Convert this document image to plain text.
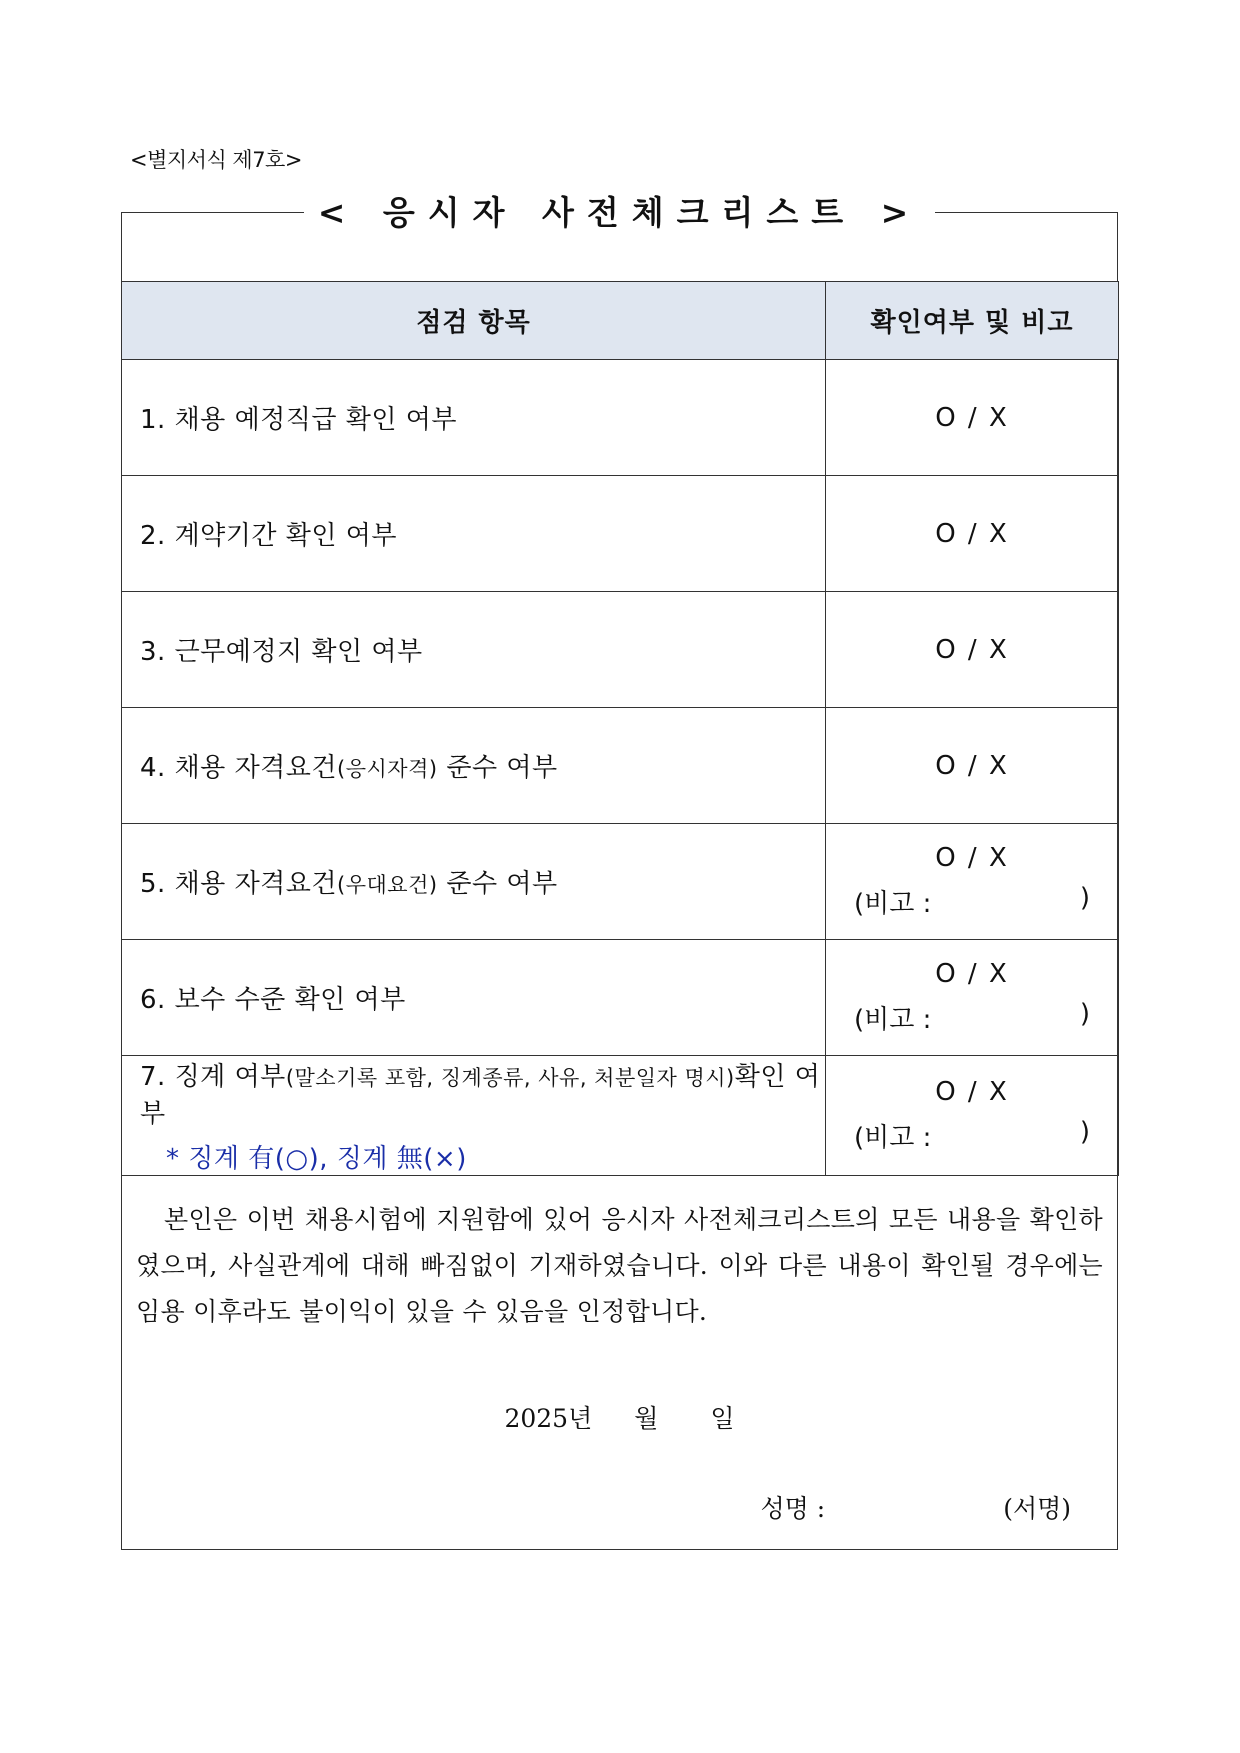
<별지서식 제7호>
< 응시자 사전체크리스트 >
점검 항목	확인여부 및 비고
1. 채용 예정직급 확인 여부	O / X

2. 계약기간 확인 여부	O / X

3. 근무예정지 확인 여부	O / X

4. 채용 자격요건(응시자격) 준수 여부	O / X

5. 채용 자격요건(우대요건) 준수 여부	O / X
(비고 : )

6. 보수 수준 확인 여부	O / X
(비고 : )

7. 징계 여부(말소기록 포함, 징계종류, 사유, 처분일자 명시)확인 여부
* 징계 有(○), 징계 無(×)	O / X
(비고 : )
본인은 이번 채용시험에 지원함에 있어 응시자 사전체크리스트의 모든 내용을 확인하였으며, 사실관계에 대해 빠짐없이 기재하였습니다. 이와 다른 내용이 확인될 경우에는 임용 이후라도 불이익이 있을 수 있음을 인정합니다.
2025년 월 일
성명 :	(서명)
